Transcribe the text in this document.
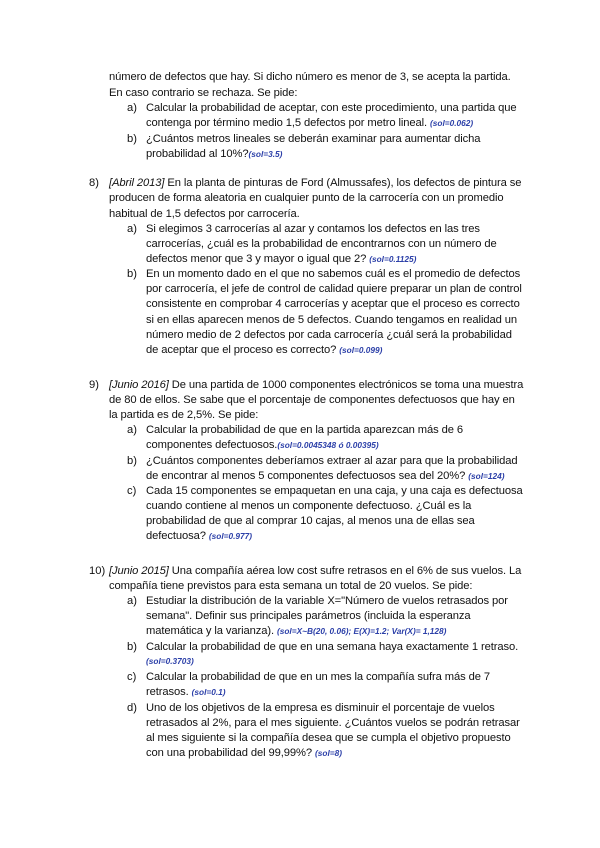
número de defectos que hay. Si dicho número es menor de 3, se acepta la partida.
En caso contrario se rechaza. Se pide:
a) Calcular la probabilidad de aceptar, con este procedimiento, una partida que
contenga por término medio 1,5 defectos por metro lineal. (sol=0.062)
b) ¿Cuántos metros lineales se deberán examinar para aumentar dicha
probabilidad al 10%?(sol=3.5)
8) [Abril 2013] En la planta de pinturas de Ford (Almussafes), los defectos de pintura se
producen de forma aleatoria en cualquier punto de la carrocería con un promedio
habitual de 1,5 defectos por carrocería.
a) Si elegimos 3 carrocerías al azar y contamos los defectos en las tres
carrocerías, ¿cuál es la probabilidad de encontrarnos con un número de
defectos menor que 3 y mayor o igual que 2? (sol=0.1125)
b) En un momento dado en el que no sabemos cuál es el promedio de defectos
por carrocería, el jefe de control de calidad quiere preparar un plan de control
consistente en comprobar 4 carrocerías y aceptar que el proceso es correcto
si en ellas aparecen menos de 5 defectos. Cuando tengamos en realidad un
número medio de 2 defectos por cada carrocería ¿cuál será la probabilidad
de aceptar que el proceso es correcto? (sol=0.099)
9) [Junio 2016] De una partida de 1000 componentes electrónicos se toma una muestra
de 80 de ellos. Se sabe que el porcentaje de componentes defectuosos que hay en
la partida es de 2,5%. Se pide:
a) Calcular la probabilidad de que en la partida aparezcan más de 6
componentes defectuosos.(sol=0.0045348 ó 0.00395)
b) ¿Cuántos componentes deberíamos extraer al azar para que la probabilidad
de encontrar al menos 5 componentes defectuosos sea del 20%? (sol=124)
c) Cada 15 componentes se empaquetan en una caja, y una caja es defectuosa
cuando contiene al menos un componente defectuoso. ¿Cuál es la
probabilidad de que al comprar 10 cajas, al menos una de ellas sea
defectuosa? (sol=0.977)
10) [Junio 2015] Una compañía aérea low cost sufre retrasos en el 6% de sus vuelos. La
compañía tiene previstos para esta semana un total de 20 vuelos. Se pide:
a) Estudiar la distribución de la variable X="Número de vuelos retrasados por
semana". Definir sus principales parámetros (incluida la esperanza
matemática y la varianza). (sol=X~B(20, 0.06); E(X)=1.2; Var(X)= 1,128)
b) Calcular la probabilidad de que en una semana haya exactamente 1 retraso.
(sol=0.3703)
c) Calcular la probabilidad de que en un mes la compañía sufra más de 7
retrasos. (sol=0.1)
d) Uno de los objetivos de la empresa es disminuir el porcentaje de vuelos
retrasados al 2%, para el mes siguiente. ¿Cuántos vuelos se podrán retrasar
al mes siguiente si la compañía desea que se cumpla el objetivo propuesto
con una probabilidad del 99,99%? (sol=8)
